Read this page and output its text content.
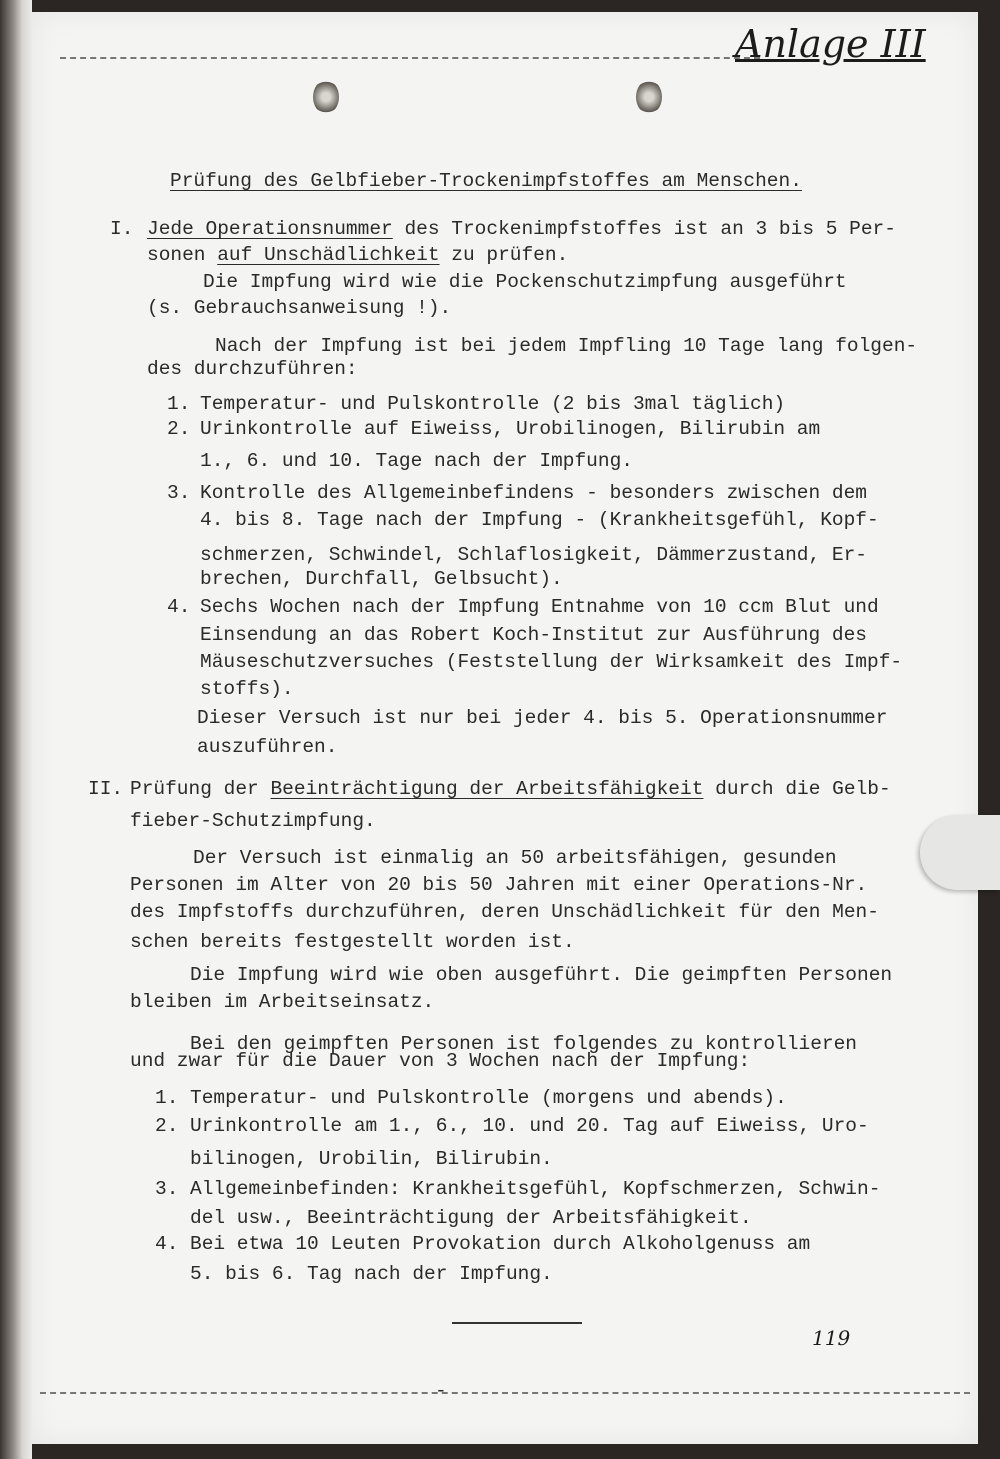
Anlage III
119
Prüfung des Gelbfieber-Trockenimpfstoffes am Menschen.
I. Jede Operationsnummer des Trockenimpfstoffes ist an 3 bis 5 Per-
sonen auf Unschädlichkeit zu prüfen.
Die Impfung wird wie die Pockenschutzimpfung ausgeführt
(s. Gebrauchsanweisung !).
Nach der Impfung ist bei jedem Impfling 10 Tage lang folgen-
des durchzuführen:
1. Temperatur- und Pulskontrolle (2 bis 3mal täglich)
2. Urinkontrolle auf Eiweiss, Urobilinogen, Bilirubin am
1., 6. und 10. Tage nach der Impfung.
3. Kontrolle des Allgemeinbefindens - besonders zwischen dem
4. bis 8. Tage nach der Impfung - (Krankheitsgefühl, Kopf-
schmerzen, Schwindel, Schlaflosigkeit, Dämmerzustand, Er-
brechen, Durchfall, Gelbsucht).
4. Sechs Wochen nach der Impfung Entnahme von 10 ccm Blut und
Einsendung an das Robert Koch-Institut zur Ausführung des
Mäuseschutzversuches (Feststellung der Wirksamkeit des Impf-
stoffs).
Dieser Versuch ist nur bei jeder 4. bis 5. Operationsnummer
auszuführen.
II. Prüfung der Beeinträchtigung der Arbeitsfähigkeit durch die Gelb-
fieber-Schutzimpfung.
Der Versuch ist einmalig an 50 arbeitsfähigen, gesunden
Personen im Alter von 20 bis 50 Jahren mit einer Operations-Nr.
des Impfstoffs durchzuführen, deren Unschädlichkeit für den Men-
schen bereits festgestellt worden ist.
Die Impfung wird wie oben ausgeführt. Die geimpften Personen
bleiben im Arbeitseinsatz.
Bei den geimpften Personen ist folgendes zu kontrollieren
und zwar für die Dauer von 3 Wochen nach der Impfung:
1. Temperatur- und Pulskontrolle (morgens und abends).
2. Urinkontrolle am 1., 6., 10. und 20. Tag auf Eiweiss, Uro-
bilinogen, Urobilin, Bilirubin.
3. Allgemeinbefinden: Krankheitsgefühl, Kopfschmerzen, Schwin-
del usw., Beeinträchtigung der Arbeitsfähigkeit.
4. Bei etwa 10 Leuten Provokation durch Alkoholgenuss am
5. bis 6. Tag nach der Impfung.
-
